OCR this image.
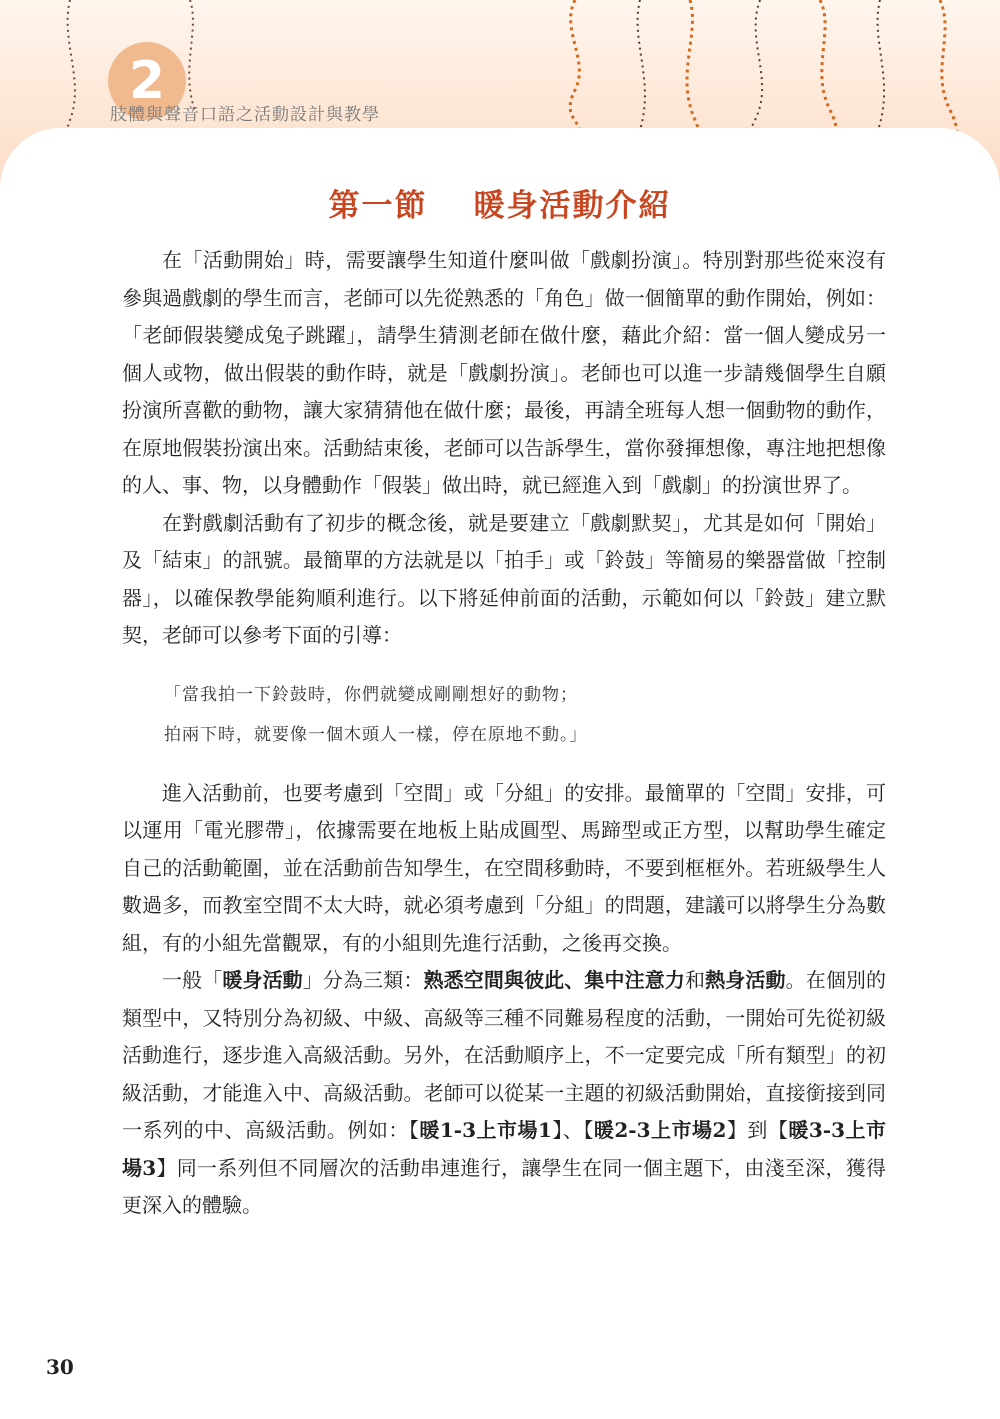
2
肢體與聲音口語之活動設計與教學
第一節 暖身活動介紹

在「活動開始」時，需要讓學生知道什麼叫做「戲劇扮演」。特別對那些從來沒有參與過戲劇的學生而言，老師可以先從熟悉的「角色」做一個簡單的動作開始，例如：「老師假裝變成兔子跳躍」，請學生猜測老師在做什麼，藉此介紹：當一個人變成另一個人或物，做出假裝的動作時，就是「戲劇扮演」。老師也可以進一步請幾個學生自願扮演所喜歡的動物，讓大家猜猜他在做什麼；最後，再請全班每人想一個動物的動作，在原地假裝扮演出來。活動結束後，老師可以告訴學生，當你發揮想像，專注地把想像的人、事、物，以身體動作「假裝」做出時，就已經進入到「戲劇」的扮演世界了。

在對戲劇活動有了初步的概念後，就是要建立「戲劇默契」，尤其是如何「開始」及「結束」的訊號。最簡單的方法就是以「拍手」或「鈴鼓」等簡易的樂器當做「控制器」，以確保教學能夠順利進行。以下將延伸前面的活動，示範如何以「鈴鼓」建立默契，老師可以參考下面的引導：

「當我拍一下鈴鼓時，你們就變成剛剛想好的動物；
拍兩下時，就要像一個木頭人一樣，停在原地不動。」

進入活動前，也要考慮到「空間」或「分組」的安排。最簡單的「空間」安排，可以運用「電光膠帶」，依據需要在地板上貼成圓型、馬蹄型或正方型，以幫助學生確定自己的活動範圍，並在活動前告知學生，在空間移動時，不要到框框外。若班級學生人數過多，而教室空間不太大時，就必須考慮到「分組」的問題，建議可以將學生分為數組，有的小組先當觀眾，有的小組則先進行活動，之後再交換。

一般「暖身活動」分為三類：熟悉空間與彼此、集中注意力和熱身活動。在個別的類型中，又特別分為初級、中級、高級等三種不同難易程度的活動，一開始可先從初級活動進行，逐步進入高級活動。另外，在活動順序上，不一定要完成「所有類型」的初級活動，才能進入中、高級活動。老師可以從某一主題的初級活動開始，直接銜接到同一系列的中、高級活動。例如：【暖1-3上市場1】、【暖2-3上市場2】到【暖3-3上市場3】同一系列但不同層次的活動串連進行，讓學生在同一個主題下，由淺至深，獲得更深入的體驗。

30
